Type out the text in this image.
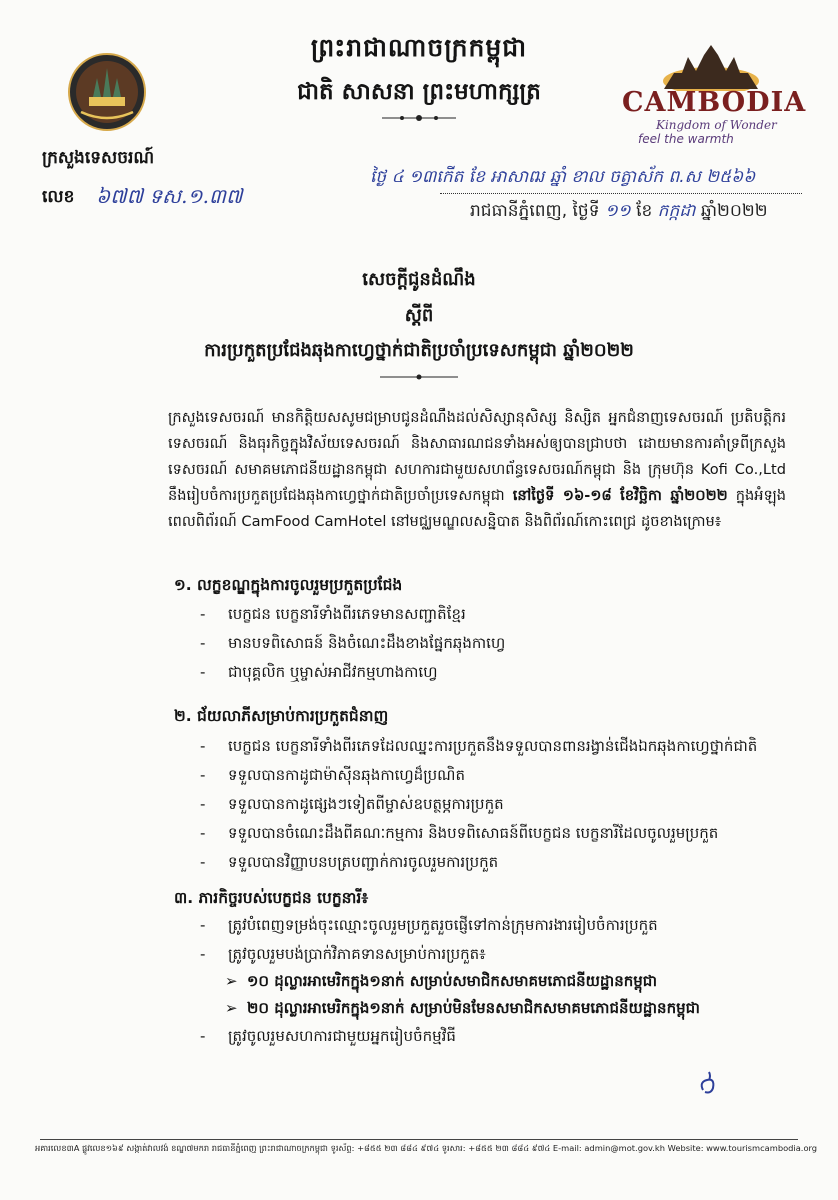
ព្រះរាជាណាចក្រកម្ពុជា
ជាតិ សាសនា ព្រះមហាក្សត្រ	CAMBODIA
Kingdom of Wonder
feel the warmth
ក្រសួងទេសចរណ៍
លេខ ៦៧៧ ទស.១.៣៧
ថ្ងៃ ៤ ១៣កើត ខែ អាសាឍ ឆ្នាំ ខាល ចត្វាស័ក ព.ស ២៥៦៦
រាជធានីភ្នំពេញ, ថ្ងៃទី ១១ ខែ កក្កដា ឆ្នាំ២០២២
សេចក្តីជូនដំណឹង
ស្តីពី
ការប្រកួតប្រជែងឆុងកាហ្វេថ្នាក់ជាតិប្រចាំប្រទេសកម្ពុជា ឆ្នាំ២០២២
ក្រសួងទេសចរណ៍ មានកិត្តិយសសូមជម្រាបជូនដំណឹងដល់សិស្សានុសិស្ស និស្សិត អ្នកជំនាញទេសចរណ៍ ប្រតិបត្តិករទេសចរណ៍ និងធុរកិច្ចក្នុងវិស័យទេសចរណ៍ និងសាធារណជនទាំងអស់ឲ្យបានជ្រាបថា ដោយមានការគាំទ្រពីក្រសួងទេសចរណ៍ សមាគមភោជនីយដ្ឋានកម្ពុជា សហការជាមួយសហព័ន្ធទេសចរណ៍កម្ពុជា និង ក្រុមហ៊ុន Kofi Co.,Ltd នឹងរៀបចំការប្រកួតប្រជែងឆុងកាហ្វេថ្នាក់ជាតិប្រចាំប្រទេសកម្ពុជា នៅថ្ងៃទី ១៦-១៨ ខែវិច្ឆិកា ឆ្នាំ២០២២ ក្នុងអំឡុងពេលពិព័រណ៍ CamFood CamHotel នៅមជ្ឈមណ្ឌលសន្និបាត និងពិព័រណ៍កោះពេជ្រ ដូចខាងក្រោម៖
១. លក្ខខណ្ឌក្នុងការចូលរួមប្រកួតប្រជែង
- បេក្ខជន បេក្ខនារីទាំងពីរភេទមានសញ្ជាតិខ្មែរ
- មានបទពិសោធន៍ និងចំណេះដឹងខាងផ្នែកឆុងកាហ្វេ
- ជាបុគ្គលិក ឬម្ចាស់អាជីវកម្មហាងកាហ្វេ
២. ជ័យលាភីសម្រាប់ការប្រកួតជំនាញ
- បេក្ខជន បេក្ខនារីទាំងពីរភេទដែលឈ្នះការប្រកួតនឹងទទួលបានពានរង្វាន់ជើងឯកឆុងកាហ្វេថ្នាក់ជាតិ
- ទទួលបានកាដូជាម៉ាស៊ីនឆុងកាហ្វេដ៏ប្រណិត
- ទទួលបានកាដូផ្សេងៗទៀតពីម្ចាស់ឧបត្ថម្ភការប្រកួត
- ទទួលបានចំណេះដឹងពីគណៈកម្មការ និងបទពិសោធន៍ពីបេក្ខជន បេក្ខនារីដែលចូលរួមប្រកួត
- ទទួលបានវិញ្ញាបនបត្របញ្ជាក់ការចូលរួមការប្រកួត
៣. ភារកិច្ចរបស់បេក្ខជន បេក្ខនារី៖
- ត្រូវបំពេញទម្រង់ចុះឈ្មោះចូលរួមប្រកួតរួចផ្ញើទៅកាន់ក្រុមការងាររៀបចំការប្រកួត
- ត្រូវចូលរួមបង់ប្រាក់វិភាគទានសម្រាប់ការប្រកួត៖
➢ ១០ ដុល្លារអាមេរិកក្នុង១នាក់ សម្រាប់សមាជិកសមាគមភោជនីយដ្ឋានកម្ពុជា
➢ ២០ ដុល្លារអាមេរិកក្នុង១នាក់ សម្រាប់មិនមែនសមាជិកសមាគមភោជនីយដ្ឋានកម្ពុជា
- ត្រូវចូលរួមសហការជាមួយអ្នករៀបចំកម្មវិធី
អគារលេខ៣A ផ្លូវលេខ១៦៩ សង្កាត់វាលវង់ ខណ្ឌ៧មករា រាជធានីភ្នំពេញ ព្រះរាជាណាចក្រកម្ពុជា ទូរស័ព្ទ: +៨៥៥ ២៣ ៨៨៤ ៩៧៤ ទូរសារ: +៨៥៥ ២៣ ៨៨៤ ៩៧៤ E-mail: admin@mot.gov.kh Website: www.tourismcambodia.org
